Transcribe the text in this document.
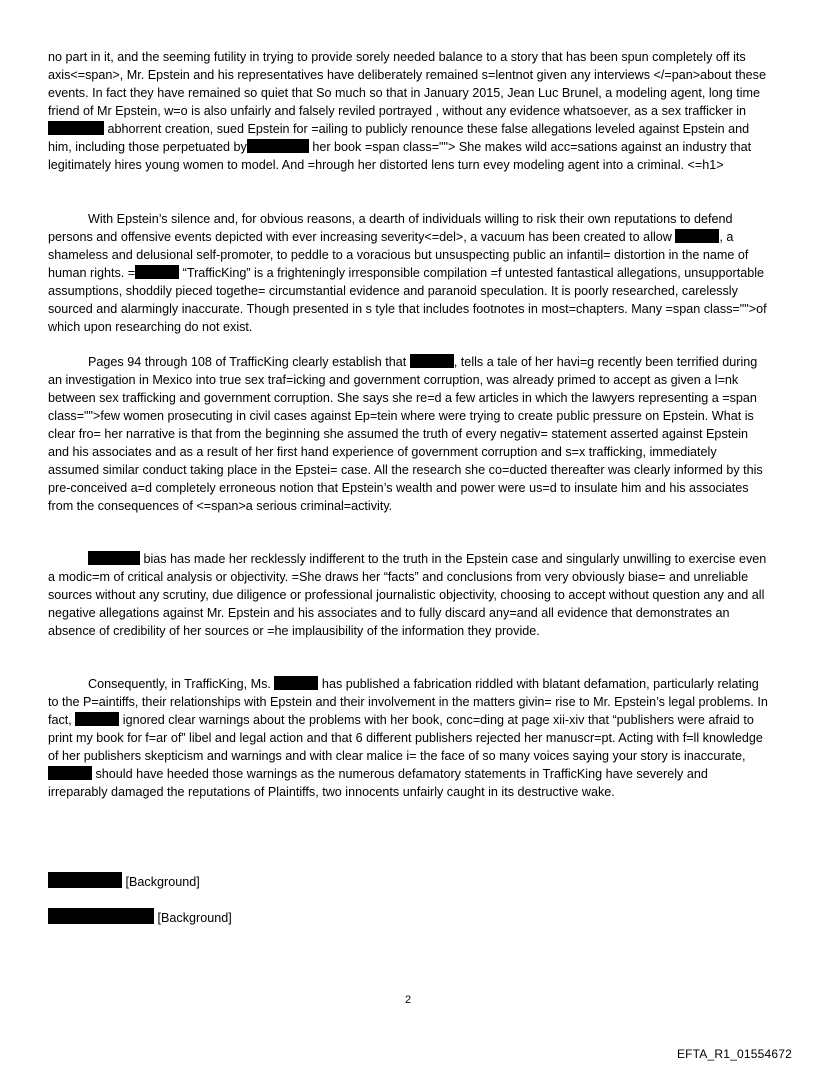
no part in it, and the seeming futility in trying to provide sorely needed balance to a story that has been spun completely off its axis<=span>, Mr. Epstein and his representatives have deliberately remained s=lentnot given any interviews </=pan>about these events. In fact they have remained so quiet that So much so that in January 2015, Jean Luc Brunel, a modeling agent, long time friend of Mr Epstein, w=o is also unfairly and falsely reviled portrayed , without any evidence whatsoever, as a sex trafficker in  abhorrent creation, sued Epstein for =ailing to publicly renounce these false allegations leveled against Epstein and him, including those perpetuated by	her book =span class=""> She makes wild acc=sations against an industry that legitimately hires young women to model. And =hrough her distorted lens turn evey modeling agent into a criminal. <=h1>

With Epstein’s silence and, for obvious reasons, a dearth of individuals willing to risk their own reputations to defend persons and offensive events depicted with ever increasing severity<=del>, a vacuum has been created to allow	, a shameless and delusional self-promoter, to peddle to a voracious but unsuspecting public an infantil= distortion in the name of human rights. =	“TrafficKing” is a frighteningly irresponsible compilation =f untested fantastical allegations, unsupportable assumptions, shoddily pieced togethe= circumstantial evidence and paranoid speculation. It is poorly researched, carelessly sourced and alarmingly inaccurate. Though presented in s tyle that includes footnotes in most=chapters. Many =span class="">of which upon researching do not exist.

Pages 94 through 108 of TrafficKing clearly establish that	, tells a tale of her havi=g recently been terrified during an investigation in Mexico into true sex traf=icking and government corruption, was already primed to accept as given a l=nk between sex trafficking and government corruption. She says she re=d a few articles in which the lawyers representing a =span class="">few women prosecuting in civil cases against Ep=tein where were trying to create public pressure on Epstein. What is clear fro= her narrative is that from the beginning she assumed the truth of every negativ= statement asserted against Epstein and his associates and as a result of her first hand experience of government corruption and s=x trafficking, immediately assumed similar conduct taking place in the Epstei= case. All the research she co=ducted thereafter was clearly informed by this pre-conceived a=d completely erroneous notion that Epstein’s wealth and power were us=d to insulate him and his associates from the consequences of <=span>a serious criminal=activity.

bias has made her recklessly indifferent to the truth in the Epstein case and singularly unwilling to exercise even a modic=m of critical analysis or objectivity. =She draws her “facts” and conclusions from very obviously biase= and unreliable sources without any scrutiny, due diligence or professional journalistic objectivity, choosing to accept without question any and all negative allegations against Mr. Epstein and his associates and to fully discard any=and all evidence that demonstrates an absence of credibility of her sources or =he implausibility of the information they provide.

Consequently, in TrafficKing, Ms.	has published a fabrication riddled with blatant defamation, particularly relating to the P=aintiffs, their relationships with Epstein and their involvement in the matters givin= rise to Mr. Epstein’s legal problems. In fact,	ignored clear warnings about the problems with her book, conc=ding at page xii-xiv that “publishers were afraid to print my book for f=ar of” libel and legal action and that 6 different publishers rejected her manuscr=pt. Acting with f=ll knowledge of her publishers skepticism and warnings and with clear malice i= the face of so many voices saying your story is inaccurate,  should have heeded those warnings as the numerous defamatory statements in TrafficKing have severely and irreparably damaged the reputations of Plaintiffs, two innocents unfairly caught in its destructive wake.

[Background]
[Background]
2
EFTA_R1_01554672
